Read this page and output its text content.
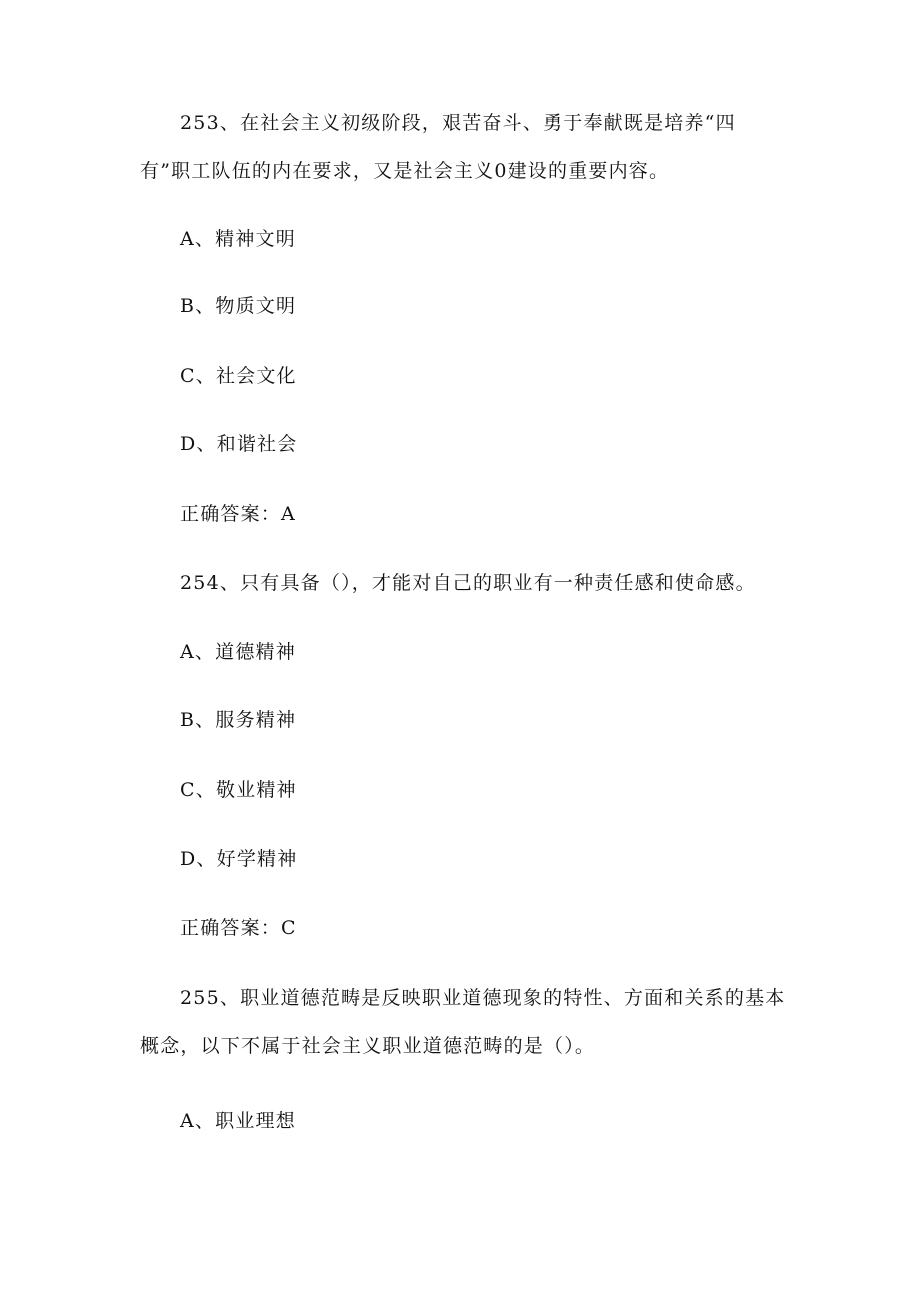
253、在社会主义初级阶段，艰苦奋斗、勇于奉献既是培养“四
有”职工队伍的内在要求，又是社会主义0建设的重要内容。
A、精神文明
B、物质文明
C、社会文化
D、和谐社会
正确答案：A
254、只有具备（），才能对自己的职业有一种责任感和使命感。
A、道德精神
B、服务精神
C、敬业精神
D、好学精神
正确答案：C
255、职业道德范畴是反映职业道德现象的特性、方面和关系的基本
概念，以下不属于社会主义职业道德范畴的是（）。
A、职业理想
